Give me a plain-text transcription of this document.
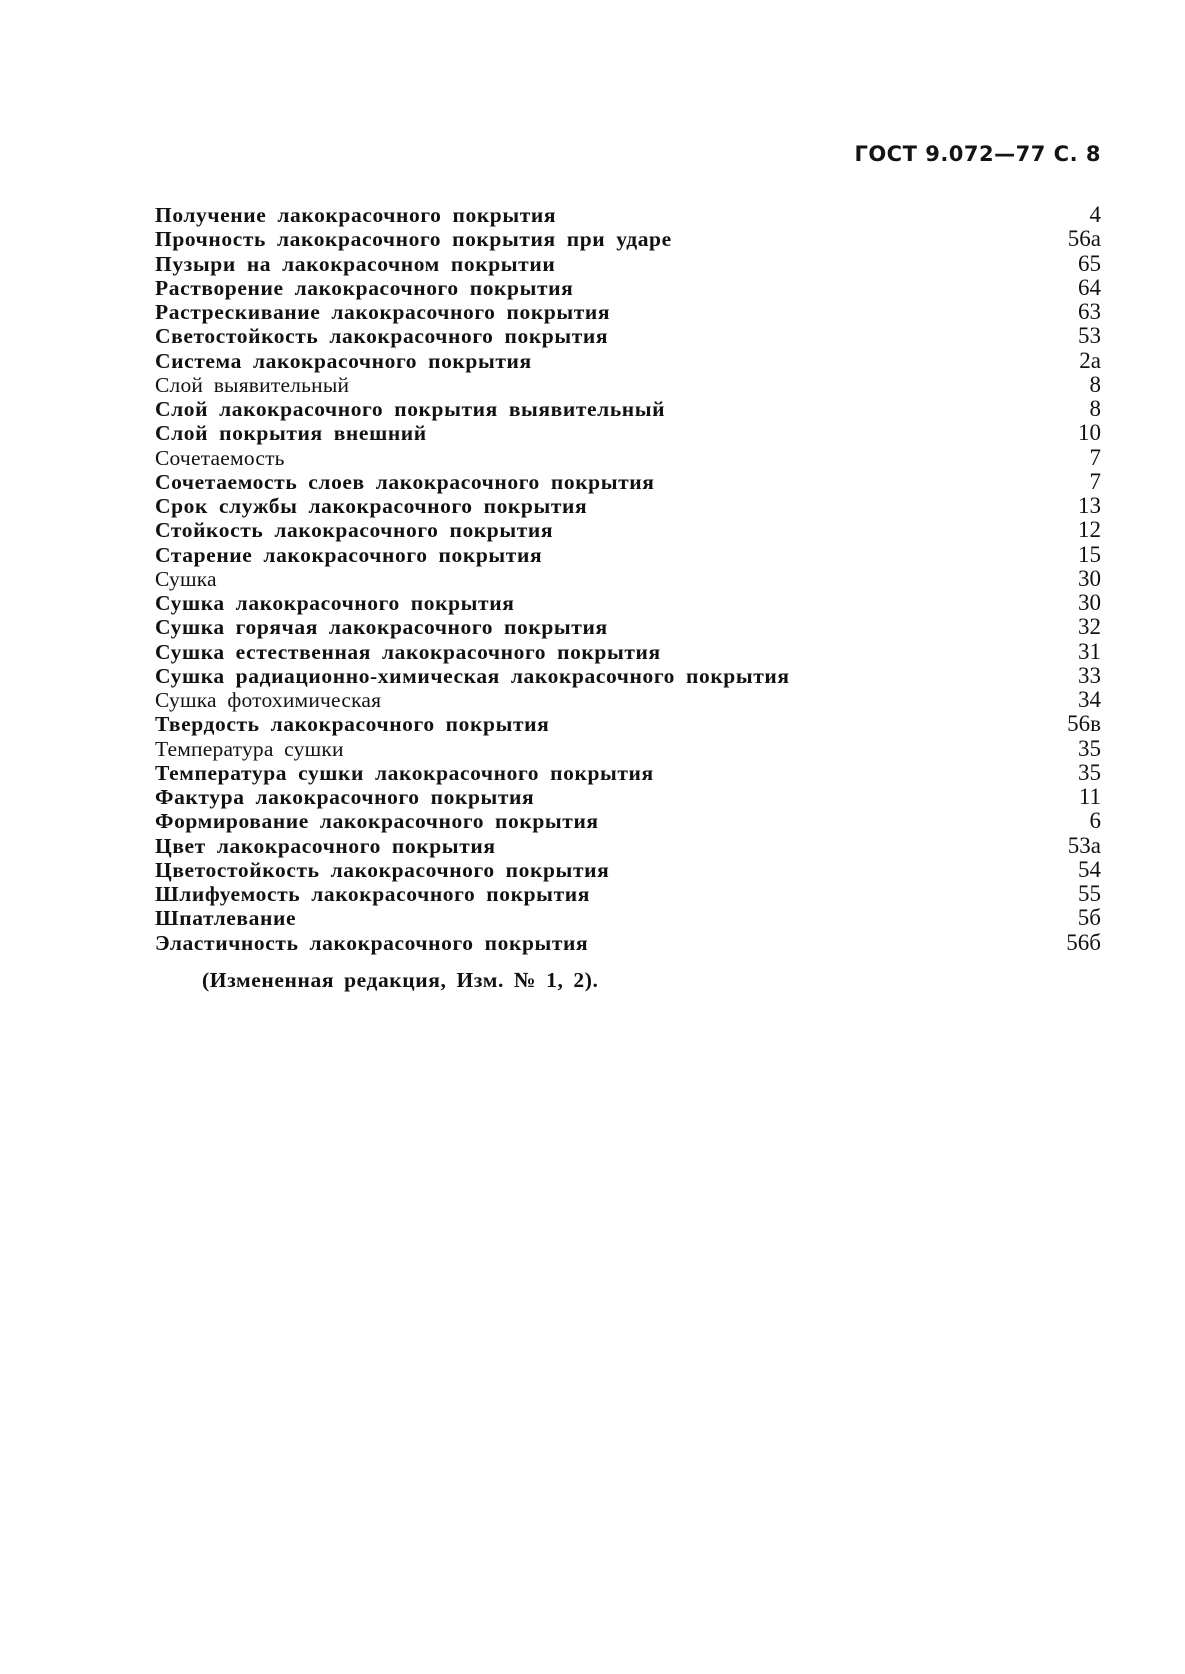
ГОСТ 9.072—77 С. 8
Получение лакокрасочного покрытия	4
Прочность лакокрасочного покрытия при ударе	56а
Пузыри на лакокрасочном покрытии	65
Растворение лакокрасочного покрытия	64
Растрескивание лакокрасочного покрытия	63
Светостойкость лакокрасочного покрытия	53
Система лакокрасочного покрытия	2а
Слой выявительный	8
Слой лакокрасочного покрытия выявительный	8
Слой покрытия внешний	10
Сочетаемость	7
Сочетаемость слоев лакокрасочного покрытия	7
Срок службы лакокрасочного покрытия	13
Стойкость лакокрасочного покрытия	12
Старение лакокрасочного покрытия	15
Сушка	30
Сушка лакокрасочного покрытия	30
Сушка горячая лакокрасочного покрытия	32
Сушка естественная лакокрасочного покрытия	31
Сушка радиационно-химическая лакокрасочного покрытия	33
Сушка фотохимическая	34
Твердость лакокрасочного покрытия	56в
Температура сушки	35
Температура сушки лакокрасочного покрытия	35
Фактура лакокрасочного покрытия	11
Формирование лакокрасочного покрытия	6
Цвет лакокрасочного покрытия	53а
Цветостойкость лакокрасочного покрытия	54
Шлифуемость лакокрасочного покрытия	55
Шпатлевание	5б
Эластичность лакокрасочного покрытия	56б
(Измененная редакция, Изм. № 1, 2).
